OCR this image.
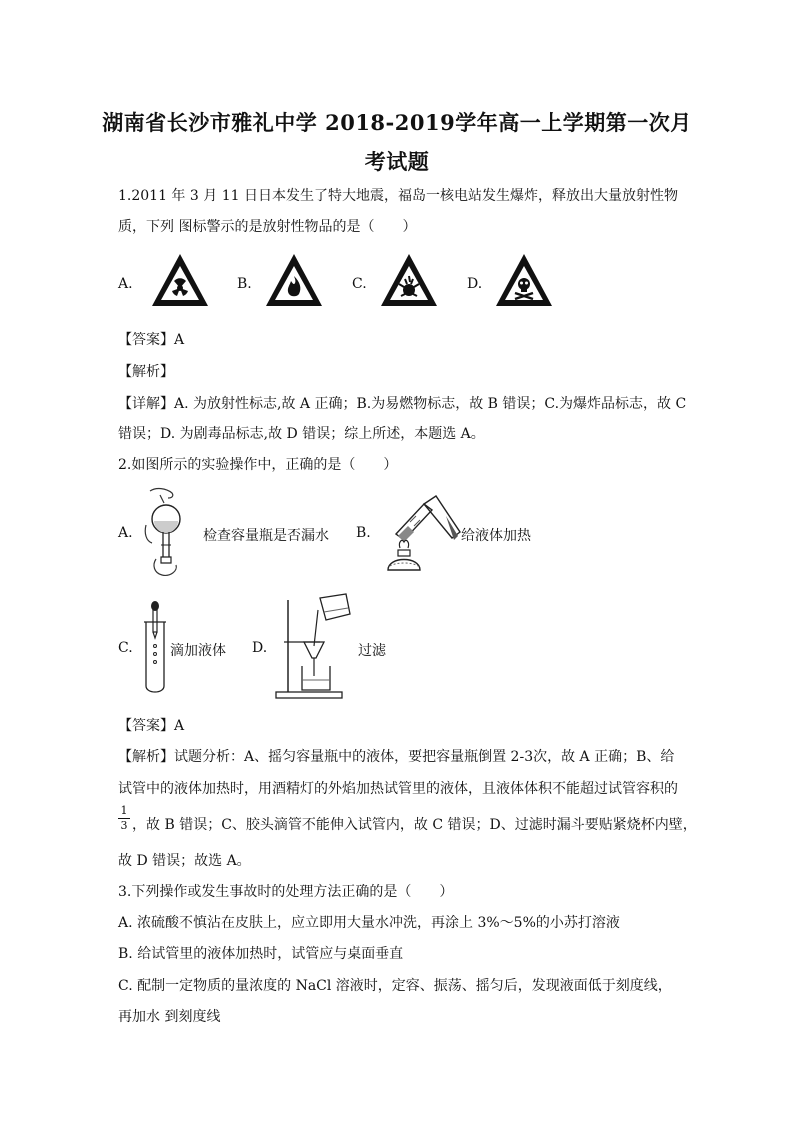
湖南省长沙市雅礼中学 2018-2019学年高一上学期第一次月
考试题
1.2011 年 3 月 11 日日本发生了特大地震，福岛一核电站发生爆炸，释放出大量放射性物
质，下列 图标警示的是放射性物品的是（　　）
A.	B.	C.	D.
【答案】A
【解析】
【详解】A. 为放射性标志,故 A 正确；B.为易燃物标志，故 B 错误；C.为爆炸品标志，故 C
错误；D. 为剧毒品标志,故 D 错误；综上所述，本题选 A。
2.如图所示的实验操作中，正确的是（　　）
A.	检查容量瓶是否漏水 B.	给液体加热
C.	滴加液体 D.	过滤
【答案】A
【解析】试题分析：A、摇匀容量瓶中的液体，要把容量瓶倒置 2-3次，故 A 正确；B、给
试管中的液体加热时，用酒精灯的外焰加热试管里的液体，且液体体积不能超过试管容积的
1
3 ，故 B 错误；C、胶头滴管不能伸入试管内，故 C 错误；D、过滤时漏斗要贴紧烧杯内壁，
故 D 错误；故选 A。
3.下列操作或发生事故时的处理方法正确的是（　　）
A. 浓硫酸不慎沾在皮肤上，应立即用大量水冲洗，再涂上 3%～5%的小苏打溶液
B. 给试管里的液体加热时，试管应与桌面垂直
C. 配制一定物质的量浓度的 NaCl 溶液时，定容、振荡、摇匀后，发现液面低于刻度线，
再加水 到刻度线
